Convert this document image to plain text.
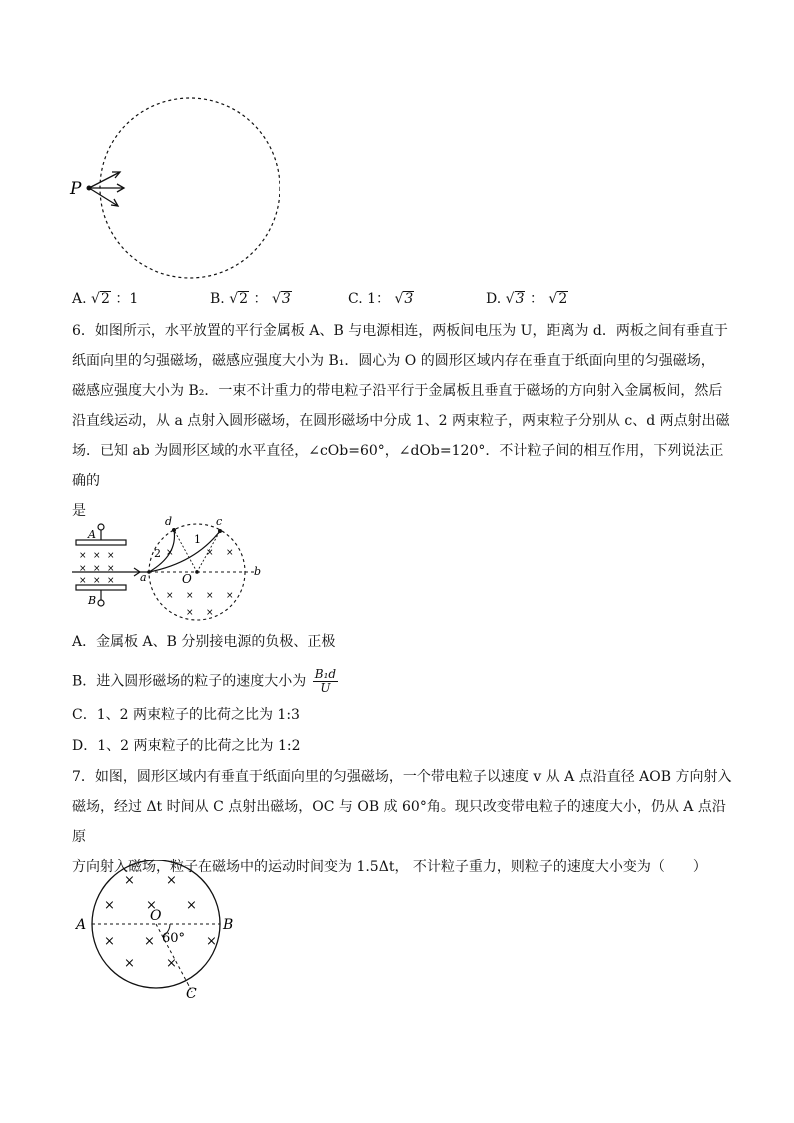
P
A. √2 ：1	B. √2 ： √3	C. 1： √3	D. √3 ： √2
6．如图所示，水平放置的平行金属板 A、B 与电源相连，两板间电压为 U，距离为 d．两板之间有垂直于
纸面向里的匀强磁场，磁感应强度大小为 B₁．圆心为 O 的圆形区域内存在垂直于纸面向里的匀强磁场，
磁感应强度大小为 B₂．一束不计重力的带电粒子沿平行于金属板且垂直于磁场的方向射入金属板间，然后
沿直线运动，从 a 点射入圆形磁场，在圆形磁场中分成 1、2 两束粒子，两束粒子分别从 c、d 两点射出磁
场．已知 ab 为圆形区域的水平直径，∠cOb=60°，∠dOb=120°．不计粒子间的相互作用，下列说法正确的
是
A
B
× × ×
× × ×
× × × a	b
O
c
d
1
2 ×	× ×
× × × ×
× ×
A．金属板 A、B 分别接电源的负极、正极
B．进入圆形磁场的粒子的速度大小为 $\frac{\text{B₁d}}{U}$
C．1、2 两束粒子的比荷之比为 1:3
D．1、2 两束粒子的比荷之比为 1:2
7．如图，圆形区域内有垂直于纸面向里的匀强磁场，一个带电粒子以速度 v 从 A 点沿直径 AOB 方向射入
磁场，经过 Δt 时间从 C 点射出磁场，OC 与 OB 成 60°角。现只改变带电粒子的速度大小，仍从 A 点沿原
方向射入磁场，粒子在磁场中的运动时间变为 1.5Δt， 不计粒子重力，则粒子的速度大小变为（　　）
A	B
O
C
60°
× ×
× × ×
× ×	×
× ×
